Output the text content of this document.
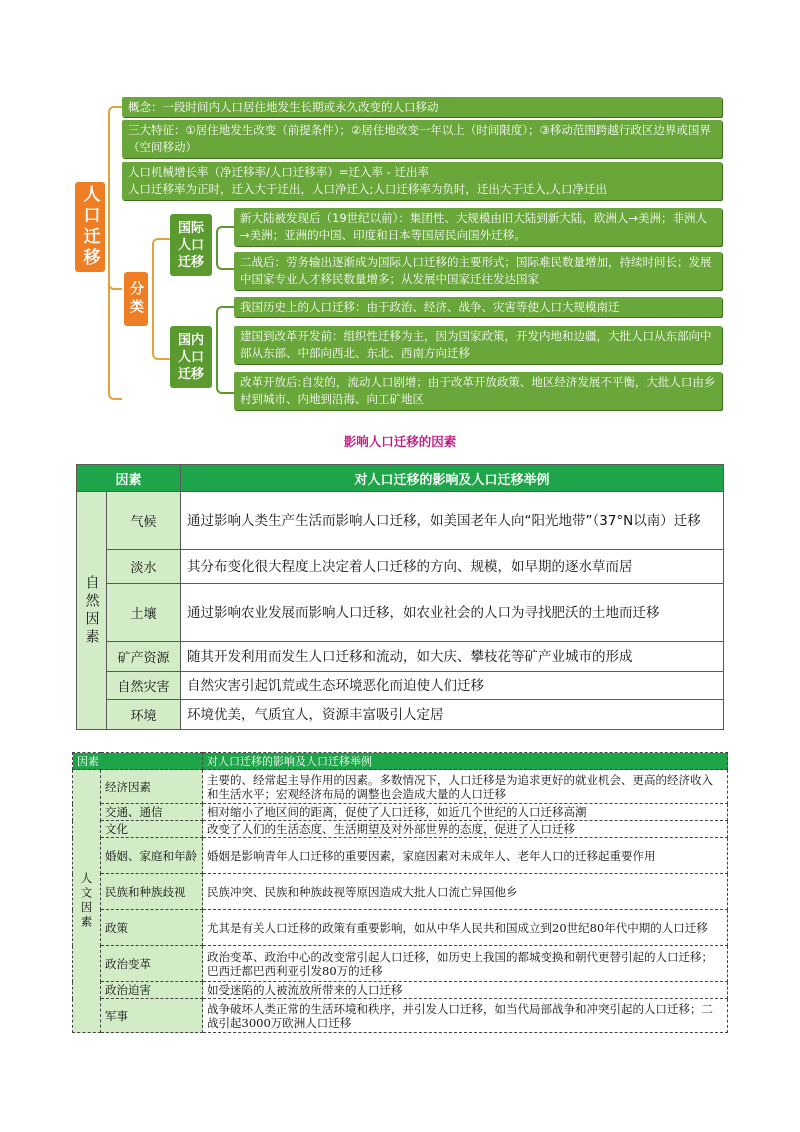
人口迁移
概念：一段时间内人口居住地发生长期或永久改变的人口移动
三大特征：①居住地发生改变（前提条件）；②居住地改变一年以上（时间限度）；③移动范围跨越行政区边界或国界（空间移动）
人口机械增长率（净迁移率/人口迁移率）=迁入率 - 迁出率
人口迁移率为正时，迁入大于迁出，人口净迁入;人口迁移率为负时，迁出大于迁入,人口净迁出
分类
国际人口迁移
新大陆被发现后（19世纪以前）：集团性、大规模由旧大陆到新大陆，欧洲人→美洲；非洲人→美洲；亚洲的中国、印度和日本等国居民向国外迁移。
二战后：劳务输出逐渐成为国际人口迁移的主要形式；国际难民数量增加，持续时间长；发展中国家专业人才移民数量增多；从发展中国家迁往发达国家
国内人口迁移
我国历史上的人口迁移：由于政治、经济、战争、灾害等使人口大规模南迁
建国到改革开发前：组织性迁移为主，因为国家政策，开发内地和边疆，大批人口从东部向中部从东部、中部向西北、东北、西南方向迁移
改革开放后:自发的，流动人口剧增；由于改革开放政策、地区经济发展不平衡，大批人口由乡村到城市、内地到沿海、向工矿地区
影响人口迁移的因素
因素		对人口迁移的影响及人口迁移举例
自然因素	气候	通过影响人类生产生活而影响人口迁移，如美国老年人向“阳光地带”（37°N以南）迁移
	淡水	其分布变化很大程度上决定着人口迁移的方向、规模，如早期的逐水草而居
	土壤	通过影响农业发展而影响人口迁移，如农业社会的人口为寻找肥沃的土地而迁移
	矿产资源	随其开发利用而发生人口迁移和流动，如大庆、攀枝花等矿产业城市的形成
	自然灾害	自然灾害引起饥荒或生态环境恶化而迫使人们迁移
	环境	环境优美，气质宜人，资源丰富吸引人定居
因素		对人口迁移的影响及人口迁移举例
人文因素	经济因素	主要的、经常起主导作用的因素。多数情况下，人口迁移是为追求更好的就业机会、更高的经济收入和生活水平；宏观经济布局的调整也会造成大量的人口迁移
	交通、通信	相对缩小了地区间的距离，促使了人口迁移，如近几个世纪的人口迁移高潮
	文化	改变了人们的生活态度、生活期望及对外部世界的态度，促进了人口迁移
	婚姻、家庭和年龄	婚姻是影响青年人口迁移的重要因素，家庭因素对未成年人、老年人口的迁移起重要作用
	民族和种族歧视	民族冲突、民族和种族歧视等原因造成大批人口流亡异国他乡
	政策	尤其是有关人口迁移的政策有重要影响，如从中华人民共和国成立到20世纪80年代中期的人口迁移
	政治变革	政治变革、政治中心的改变常引起人口迁移，如历史上我国的都城变换和朝代更替引起的人口迁移；巴西迁都巴西利亚引发80万的迁移
	政治迫害	如受迷陷的人被流放所带来的人口迁移
	军事	战争破坏人类正常的生活环境和秩序，并引发人口迁移，如当代局部战争和冲突引起的人口迁移；二战引起3000万欧洲人口迁移
